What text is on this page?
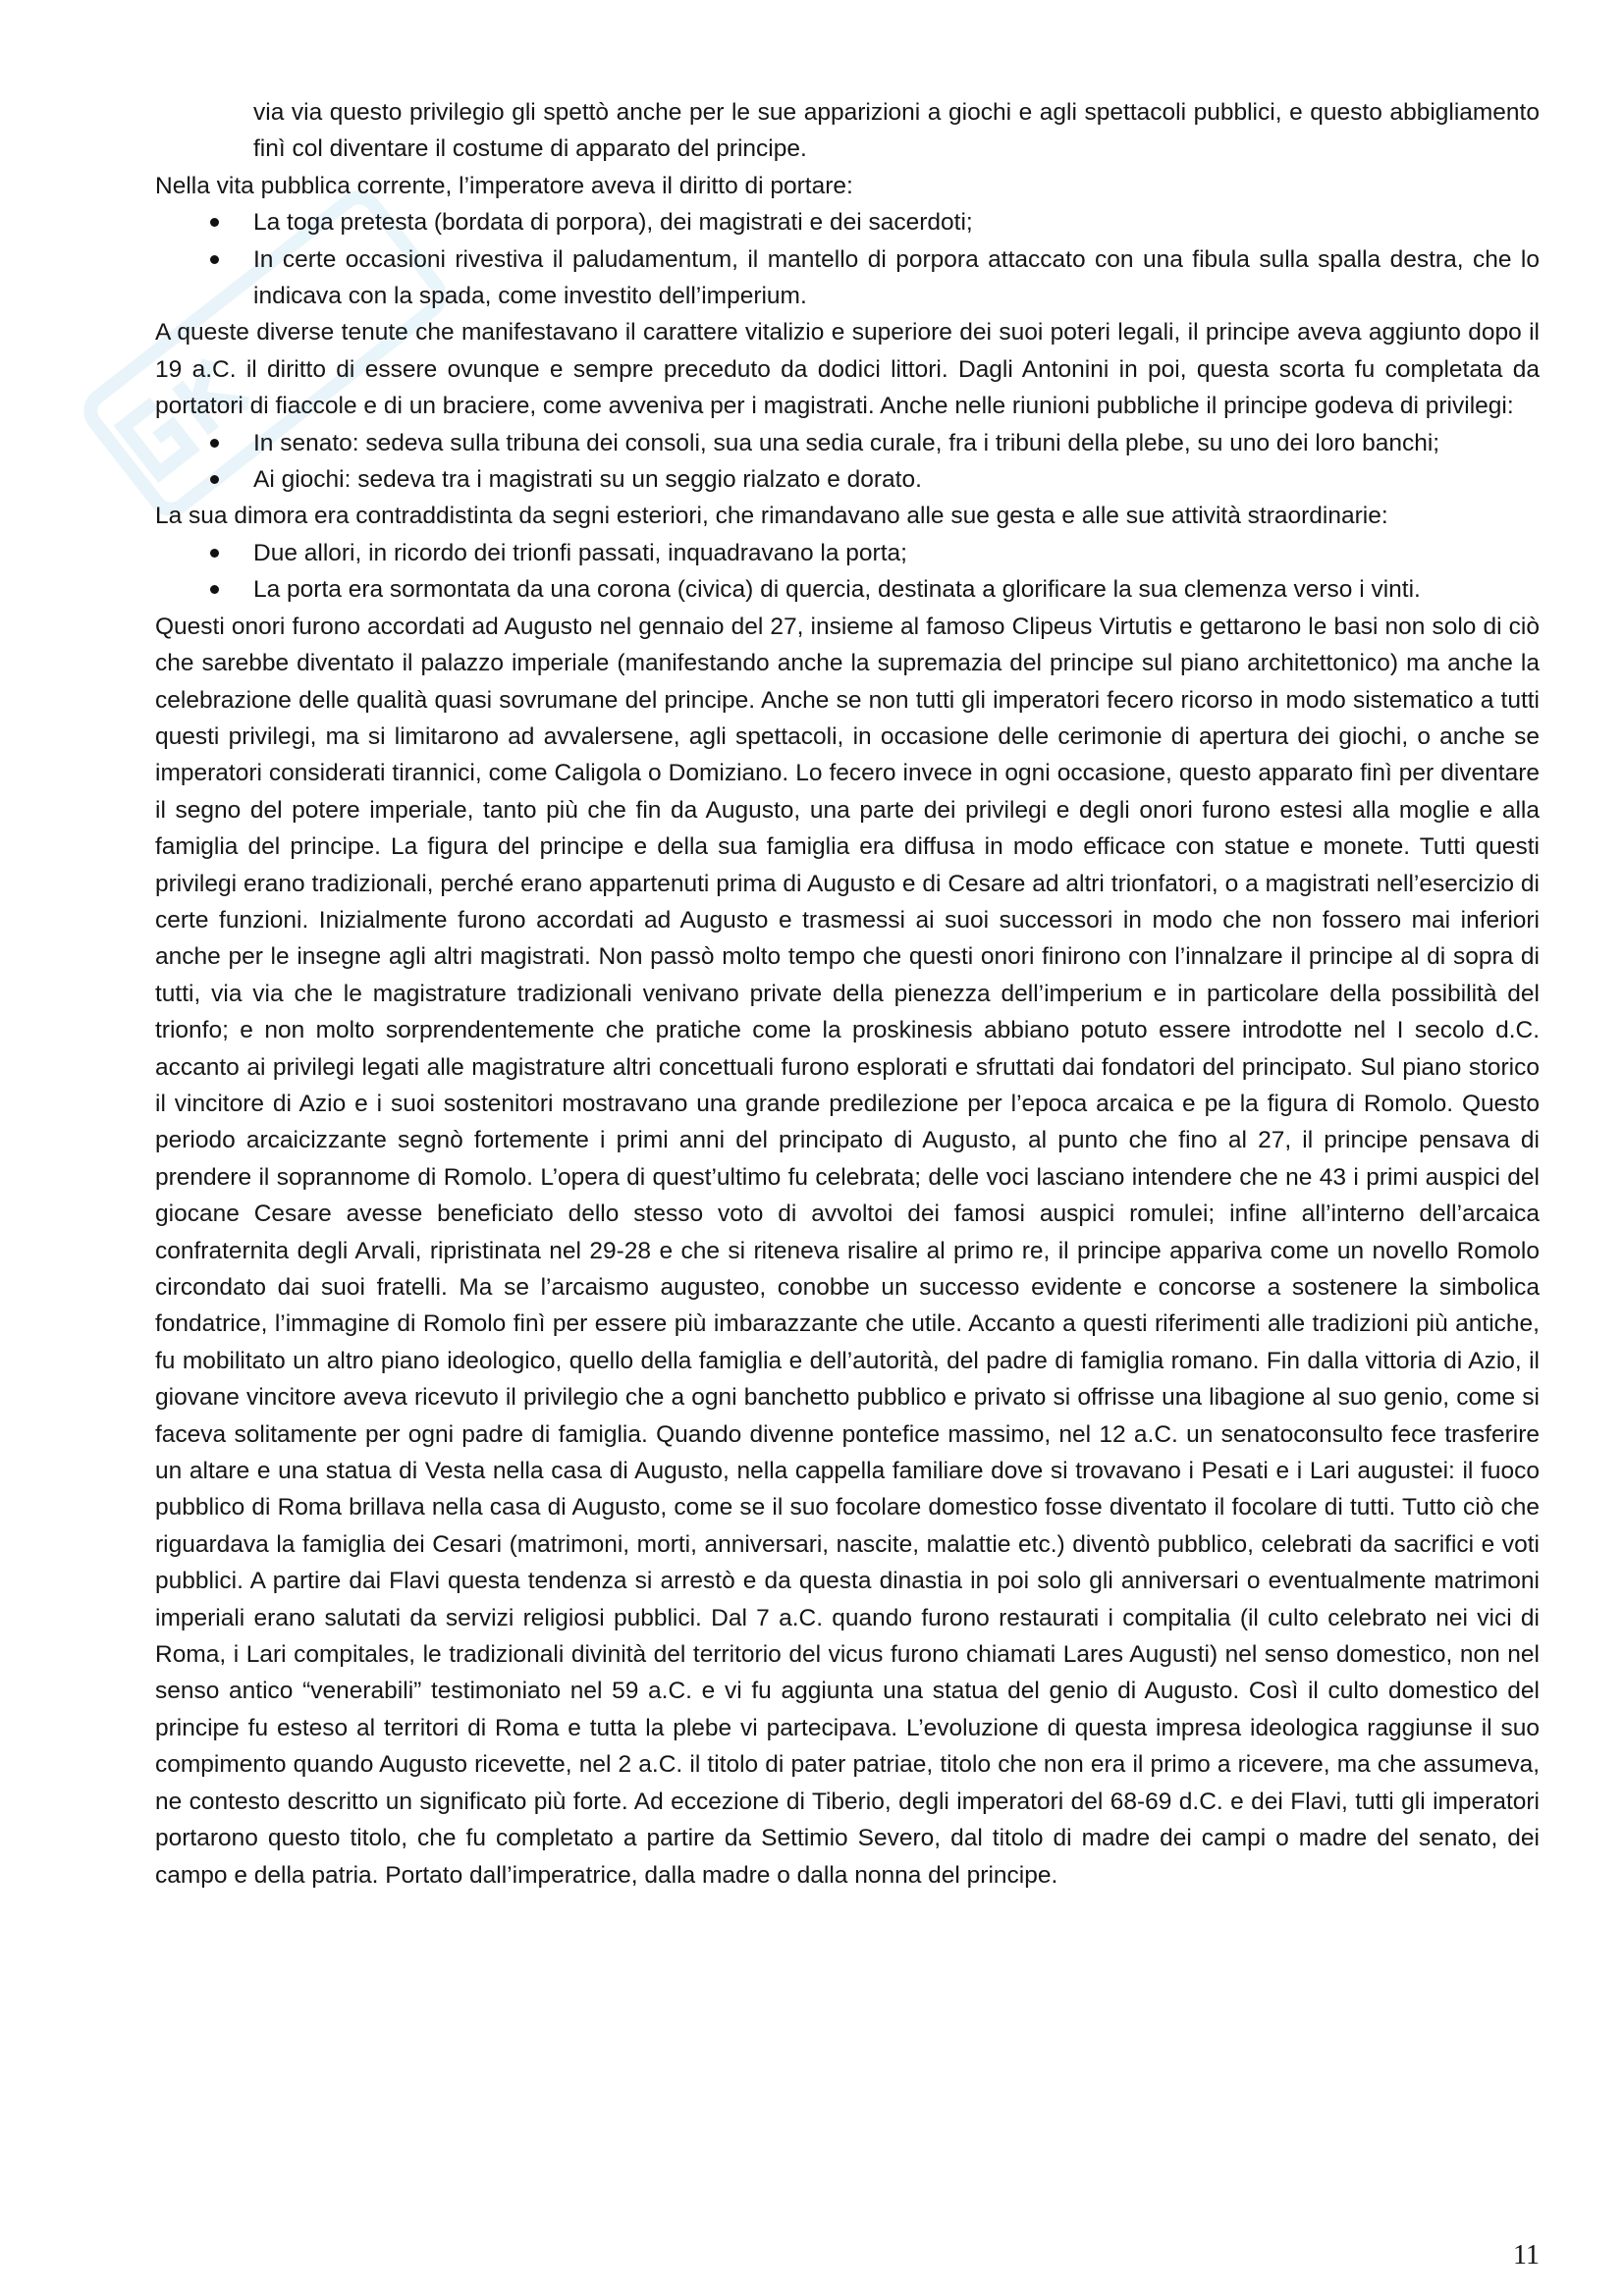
via via questo privilegio gli spettò anche per le sue apparizioni a giochi e agli spettacoli pubblici, e questo abbigliamento finì col diventare il costume di apparato del principe.

Nella vita pubblica corrente, l’imperatore aveva il diritto di portare:

La toga pretesta (bordata di porpora), dei magistrati e dei sacerdoti;
In certe occasioni rivestiva il paludamentum, il mantello di porpora attaccato con una fibula sulla spalla destra, che lo indicava con la spada, come investito dell’imperium.

A queste diverse tenute che manifestavano il carattere vitalizio e superiore dei suoi poteri legali, il principe aveva aggiunto dopo il 19 a.C. il diritto di essere ovunque e sempre preceduto da dodici littori. Dagli Antonini in poi, questa scorta fu completata da portatori di fiaccole e di un braciere, come avveniva per i magistrati. Anche nelle riunioni pubbliche il principe godeva di privilegi:

In senato: sedeva sulla tribuna dei consoli, sua una sedia curale, fra i tribuni della plebe, su uno dei loro banchi;
Ai giochi: sedeva tra i magistrati su un seggio rialzato e dorato.

La sua dimora era contraddistinta da segni esteriori, che rimandavano alle sue gesta e alle sue attività straordinarie:

Due allori, in ricordo dei trionfi passati, inquadravano la porta;
La porta era sormontata da una corona (civica) di quercia, destinata a glorificare la sua clemenza verso i vinti.

Questi onori furono accordati ad Augusto nel gennaio del 27, insieme al famoso Clipeus Virtutis e gettarono le basi non solo di ciò che sarebbe diventato il palazzo imperiale (manifestando anche la supremazia del principe sul piano architettonico) ma anche la celebrazione delle qualità quasi sovrumane del principe. Anche se non tutti gli imperatori fecero ricorso in modo sistematico a tutti questi privilegi, ma si limitarono ad avvalersene, agli spettacoli, in occasione delle cerimonie di apertura dei giochi, o anche se imperatori considerati tirannici, come Caligola o Domiziano. Lo fecero invece in ogni occasione, questo apparato finì per diventare il segno del potere imperiale, tanto più che fin da Augusto, una parte dei privilegi e degli onori furono estesi alla moglie e alla famiglia del principe. La figura del principe e della sua famiglia era diffusa in modo efficace con statue e monete. Tutti questi privilegi erano tradizionali, perché erano appartenuti prima di Augusto e di Cesare ad altri trionfatori, o a magistrati nell’esercizio di certe funzioni. Inizialmente furono accordati ad Augusto e trasmessi ai suoi successori in modo che non fossero mai inferiori anche per le insegne agli altri magistrati. Non passò molto tempo che questi onori finirono con l’innalzare il principe al di sopra di tutti, via via che le magistrature tradizionali venivano private della pienezza dell’imperium e in particolare della possibilità del trionfo; e non molto sorprendentemente che pratiche come la proskinesis abbiano potuto essere introdotte nel I secolo d.C. accanto ai privilegi legati alle magistrature altri concettuali furono esplorati e sfruttati dai fondatori del principato. Sul piano storico il vincitore di Azio e i suoi sostenitori mostravano una grande predilezione per l’epoca arcaica e pe la figura di Romolo. Questo periodo arcaicizzante segnò fortemente i primi anni del principato di Augusto, al punto che fino al 27, il principe pensava di prendere il soprannome di Romolo. L’opera di quest’ultimo fu celebrata; delle voci lasciano intendere che ne 43 i primi auspici del giocane Cesare avesse beneficiato dello stesso voto di avvoltoi dei famosi auspici romulei; infine all’interno dell’arcaica confraternita degli Arvali, ripristinata nel 29-28 e che si riteneva risalire al primo re, il principe appariva come un novello Romolo circondato dai suoi fratelli. Ma se l’arcaismo augusteo, conobbe un successo evidente e concorse a sostenere la simbolica fondatrice, l’immagine di Romolo finì per essere più imbarazzante che utile. Accanto a questi riferimenti alle tradizioni più antiche, fu mobilitato un altro piano ideologico, quello della famiglia e dell’autorità, del padre di famiglia romano. Fin dalla vittoria di Azio, il giovane vincitore aveva ricevuto il privilegio che a ogni banchetto pubblico e privato si offrisse una libagione al suo genio, come si faceva solitamente per ogni padre di famiglia. Quando divenne pontefice massimo, nel 12 a.C. un senatoconsulto fece trasferire un altare e una statua di Vesta nella casa di Augusto, nella cappella familiare dove si trovavano i Pesati e i Lari augustei: il fuoco pubblico di Roma brillava nella casa di Augusto, come se il suo focolare domestico fosse diventato il focolare di tutti. Tutto ciò che riguardava la famiglia dei Cesari (matrimoni, morti, anniversari, nascite, malattie etc.) diventò pubblico, celebrati da sacrifici e voti pubblici. A partire dai Flavi questa tendenza si arrestò e da questa dinastia in poi solo gli anniversari o eventualmente matrimoni imperiali erano salutati da servizi religiosi pubblici. Dal 7 a.C. quando furono restaurati i compitalia (il culto celebrato nei vici di Roma, i Lari compitales, le tradizionali divinità del territorio del vicus furono chiamati Lares Augusti) nel senso domestico, non nel senso antico “venerabili” testimoniato nel 59 a.C. e vi fu aggiunta una statua del genio di Augusto. Così il culto domestico del principe fu esteso al territori di Roma e tutta la plebe vi partecipava. L’evoluzione di questa impresa ideologica raggiunse il suo compimento quando Augusto ricevette, nel 2 a.C. il titolo di pater patriae, titolo che non era il primo a ricevere, ma che assumeva, ne contesto descritto un significato più forte. Ad eccezione di Tiberio, degli imperatori del 68-69 d.C. e dei Flavi, tutti gli imperatori portarono questo titolo, che fu completato a partire da Settimio Severo, dal titolo di madre dei campi o madre del senato, dei campo e della patria. Portato dall’imperatrice, dalla madre o dalla nonna del principe.

11
